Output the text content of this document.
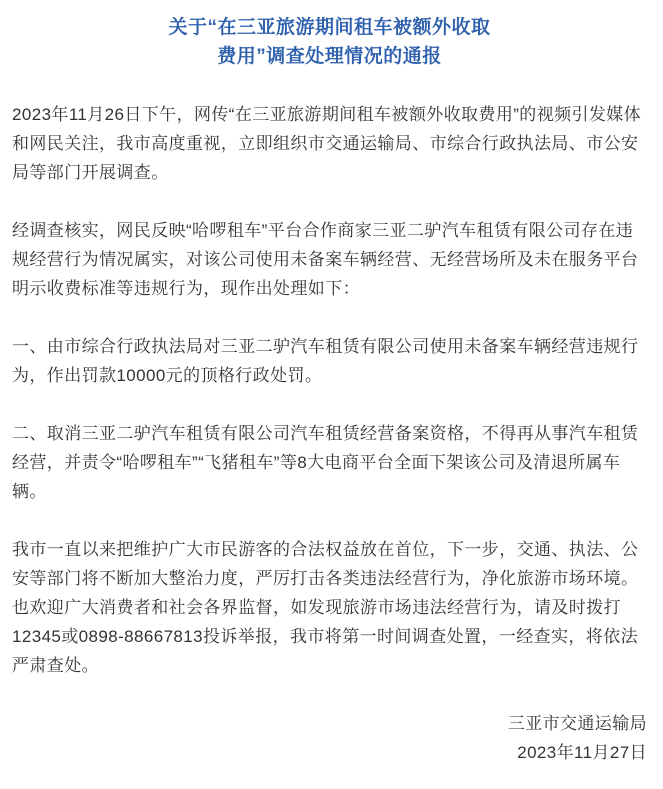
关于“在三亚旅游期间租车被额外收取
费用”调查处理情况的通报

2023年11月26日下午，网传“在三亚旅游期间租车被额外收取费用”的视频引发媒体和网民关注，我市高度重视，立即组织市交通运输局、市综合行政执法局、市公安局等部门开展调查。

经调查核实，网民反映“哈啰租车”平台合作商家三亚二驴汽车租赁有限公司存在违规经营行为情况属实，对该公司使用未备案车辆经营、无经营场所及未在服务平台明示收费标准等违规行为，现作出处理如下：

一、由市综合行政执法局对三亚二驴汽车租赁有限公司使用未备案车辆经营违规行为，作出罚款10000元的顶格行政处罚。

二、取消三亚二驴汽车租赁有限公司汽车租赁经营备案资格，不得再从事汽车租赁经营，并责令“哈啰租车”“飞猪租车”等8大电商平台全面下架该公司及清退所属车辆。

我市一直以来把维护广大市民游客的合法权益放在首位，下一步，交通、执法、公安等部门将不断加大整治力度，严厉打击各类违法经营行为，净化旅游市场环境。也欢迎广大消费者和社会各界监督，如发现旅游市场违法经营行为，请及时拨打12345或0898-88667813投诉举报，我市将第一时间调查处置，一经查实，将依法严肃查处。

三亚市交通运输局
2023年11月27日
